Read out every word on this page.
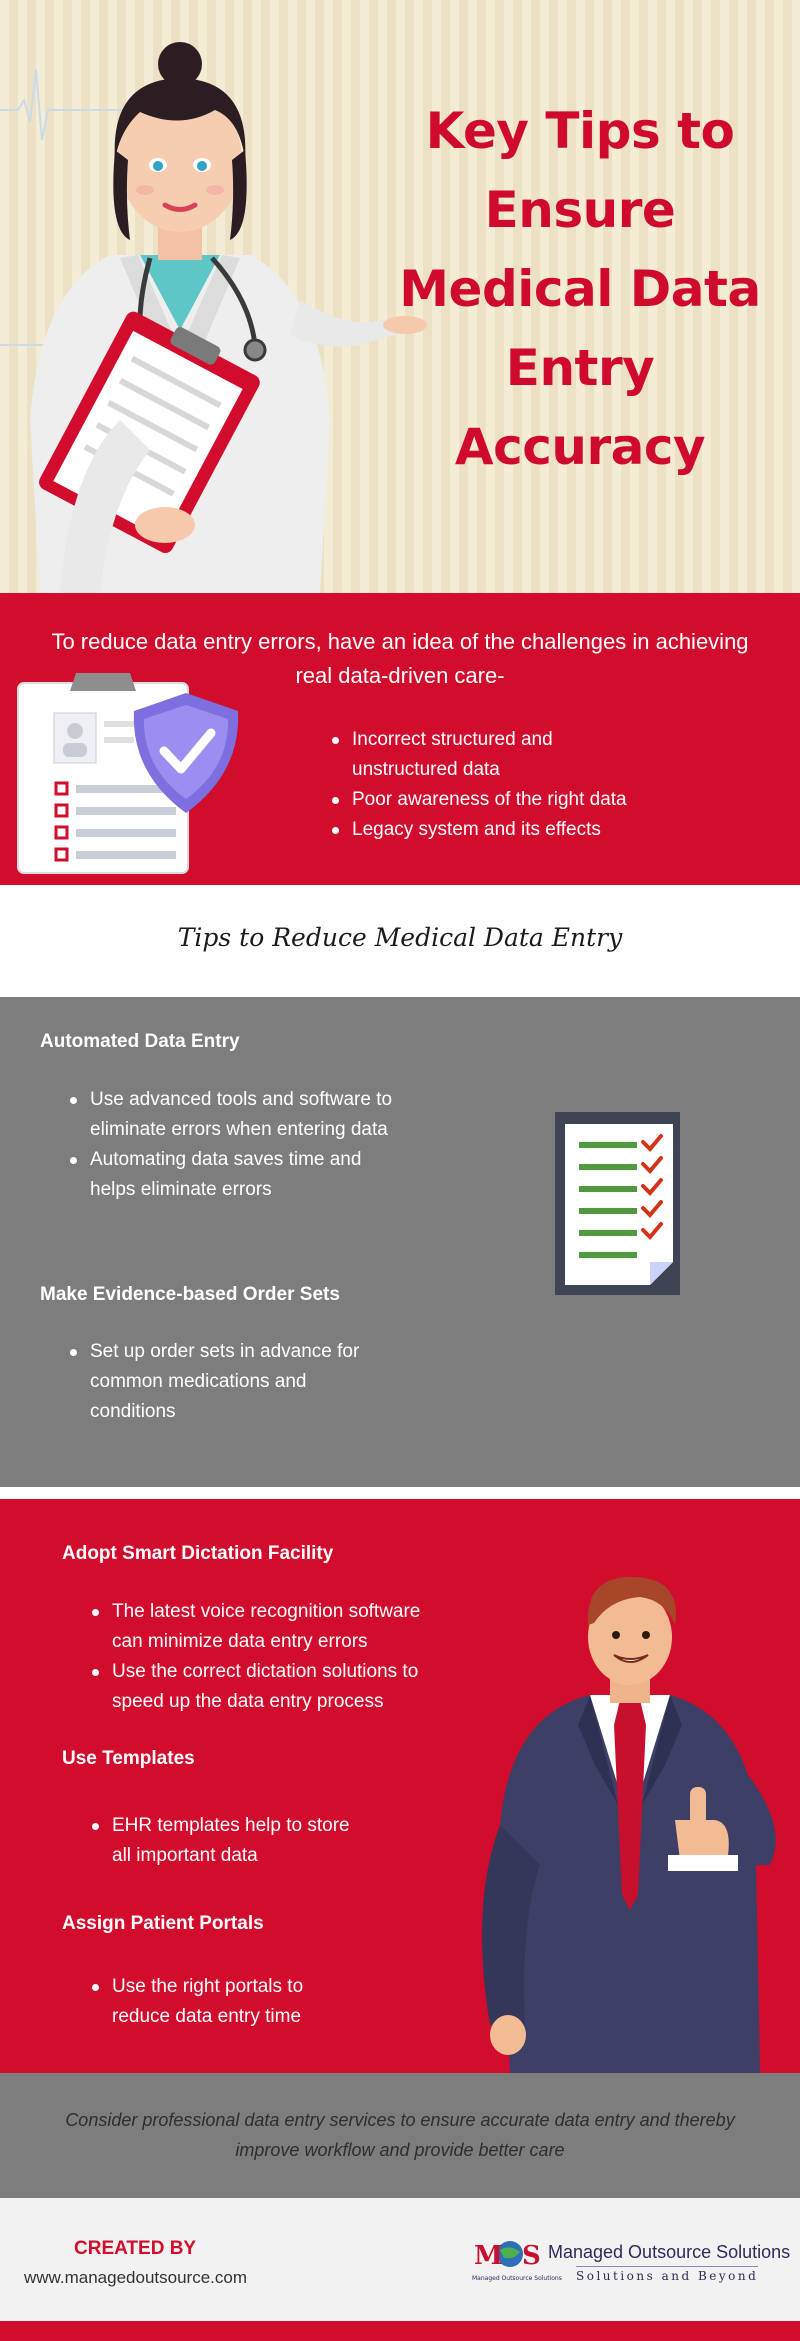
Key Tips to Ensure Medical Data Entry Accuracy
To reduce data entry errors, have an idea of the challenges in achieving real data-driven care-
Incorrect structured and unstructured data
Poor awareness of the right data
Legacy system and its effects
Tips to Reduce Medical Data Entry
Automated Data Entry
Use advanced tools and software to eliminate errors when entering data
Automating data saves time and helps eliminate errors
Make Evidence-based Order Sets
Set up order sets in advance for common medications and conditions
Adopt Smart Dictation Facility
The latest voice recognition software can minimize data entry errors
Use the correct dictation solutions to speed up the data entry process
Use Templates
EHR templates help to store all important data
Assign Patient Portals
Use the right portals to reduce data entry time
Consider professional data entry services to ensure accurate data entry and thereby improve workflow and provide better care
CREATED BY
www.managedoutsource.com
M S
Managed Outsource Solutions
Managed Outsource Solutions
Solutions and Beyond
